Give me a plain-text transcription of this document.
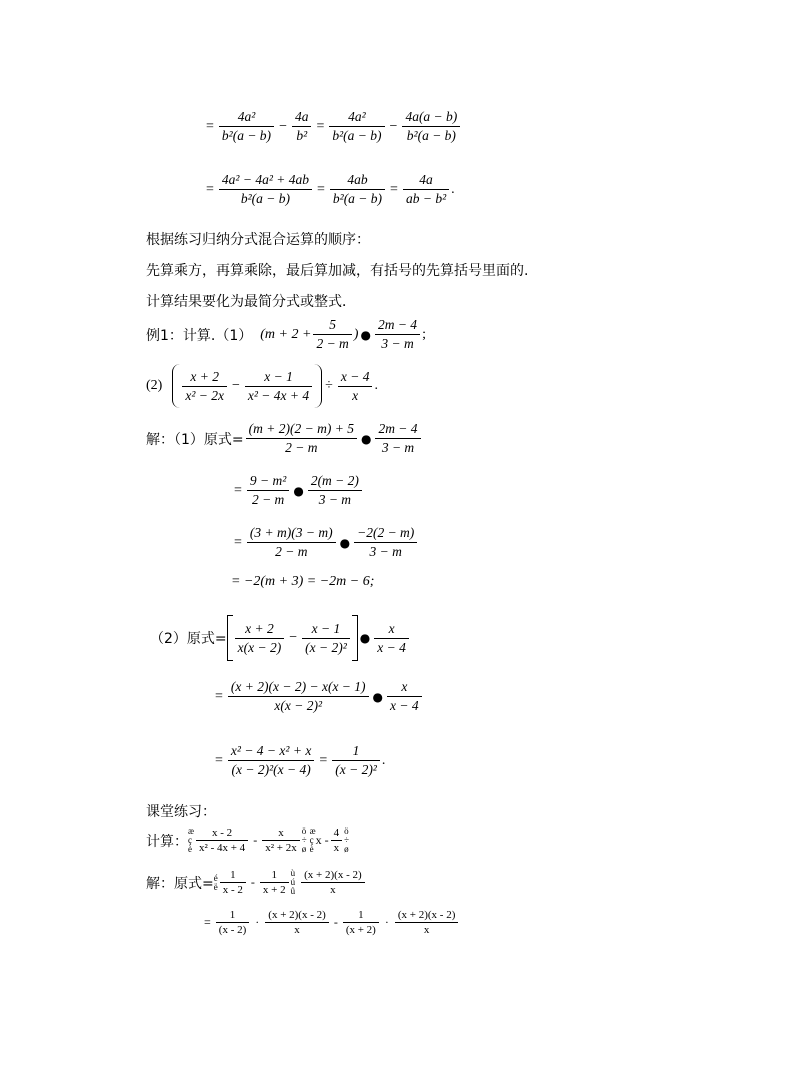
=
4a²
b²(a − b)
−
4a
b²
=
4a²
b²(a − b)
−
4a(a − b)
b²(a − b)
=
4a² − 4a² + 4ab
b²(a − b)
=
4ab
b²(a − b)
=
4a
ab − b²
.
根据练习归纳分式混合运算的顺序：
先算乘方，再算乘除，最后算加减，有括号的先算括号里面的.
计算结果要化为最简分式或整式．
例1：计算.（1） (m + 2 +
5
2 − m
) ●
2m − 4
3 − m
;
(2)
x + 2
x² − 2x
−
x − 1
x² − 4x + 4
÷
x − 4
x
.
解：（1）原式=
(m + 2)(2 − m) + 5
2 − m
●
2m − 4
3 − m
=
9 − m²
2 − m
●
2(m − 2)
3 − m
=
(3 + m)(3 − m)
2 − m
●
−2(2 − m)
3 − m
= −2(m + 3) = −2m − 6;
（2）原式=
x + 2
x(x − 2)
−
x − 1
(x − 2)²
●
x
x − 4
=
(x + 2)(x − 2) − x(x − 1)
x(x − 2)²
●
x
x − 4
=
x² − 4 − x² + x
(x − 2)²(x − 4)
=
1
(x − 2)²
.
课堂练习：
计算：
æ
ç
è
x - 2
x² - 4x + 4
- x
x² + 2x
ö
÷
ø
æ
ç
è
x - 4
x
ö
÷
ø
解：原式= é
ë
1
x - 2
- 1
x + 2
ù
ú
û
(x + 2)(x - 2)
x
= 1
(x - 2)
· (x + 2)(x - 2)
x
- 1
(x + 2)
· (x + 2)(x - 2)
x
